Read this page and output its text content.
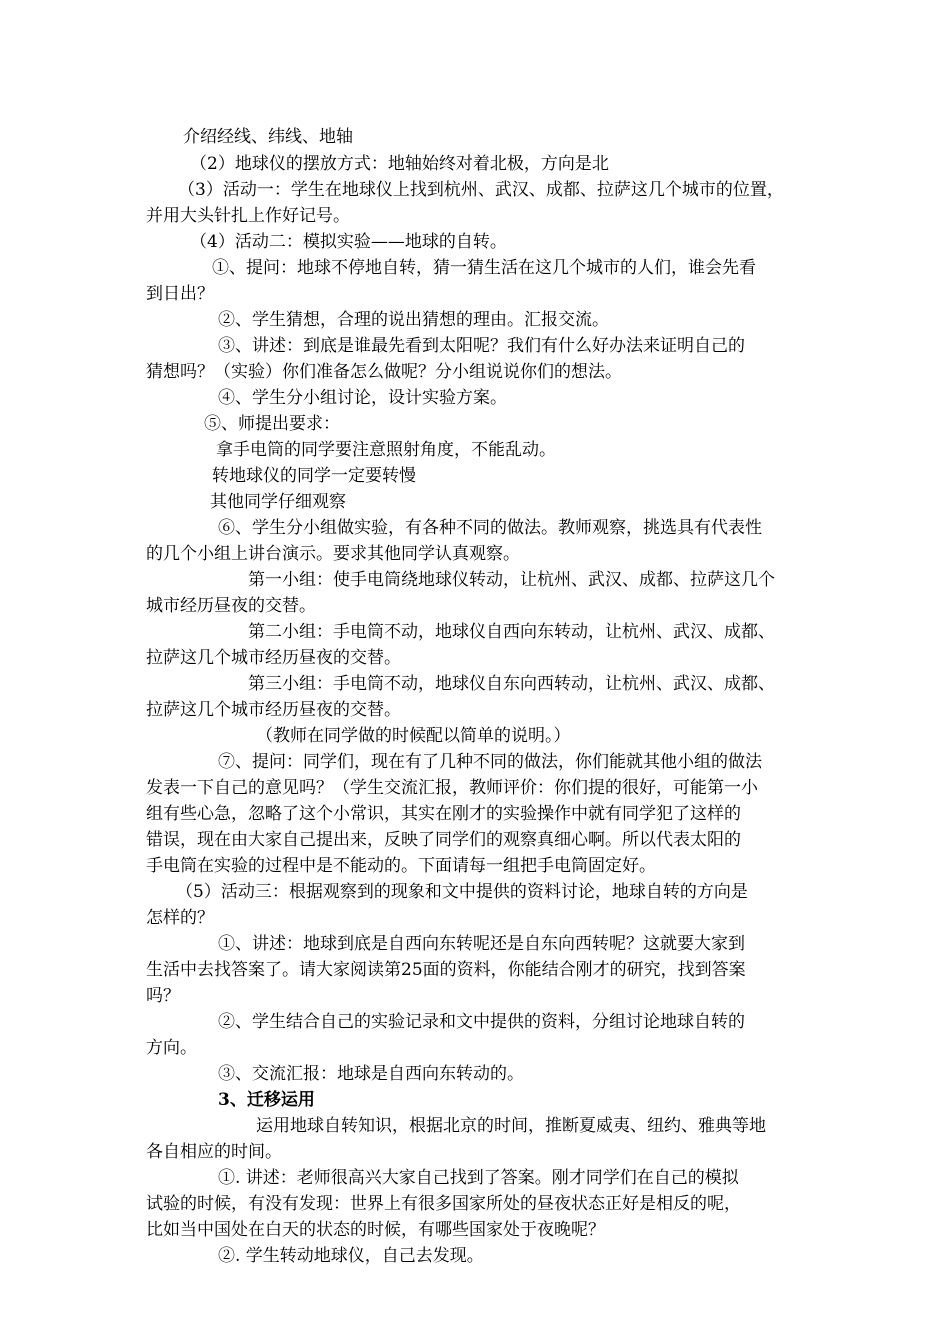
介绍经线、纬线、地轴
（2）地球仪的摆放方式：地轴始终对着北极，方向是北
（3）活动一：学生在地球仪上找到杭州、武汉、成都、拉萨这几个城市的位置，
并用大头针扎上作好记号。
（4）活动二：模拟实验——地球的自转。
①、提问：地球不停地自转，猜一猜生活在这几个城市的人们，谁会先看
到日出？
②、学生猜想，合理的说出猜想的理由。汇报交流。
③、讲述：到底是谁最先看到太阳呢？我们有什么好办法来证明自己的
猜想吗？（实验）你们准备怎么做呢？分小组说说你们的想法。
④、学生分小组讨论，设计实验方案。
⑤、师提出要求：
拿手电筒的同学要注意照射角度，不能乱动。
转地球仪的同学一定要转慢
其他同学仔细观察
⑥、学生分小组做实验，有各种不同的做法。教师观察，挑选具有代表性
的几个小组上讲台演示。要求其他同学认真观察。
第一小组：使手电筒绕地球仪转动，让杭州、武汉、成都、拉萨这几个
城市经历昼夜的交替。
第二小组：手电筒不动，地球仪自西向东转动，让杭州、武汉、成都、
拉萨这几个城市经历昼夜的交替。
第三小组：手电筒不动，地球仪自东向西转动，让杭州、武汉、成都、
拉萨这几个城市经历昼夜的交替。
（教师在同学做的时候配以简单的说明。）
⑦、提问：同学们，现在有了几种不同的做法，你们能就其他小组的做法
发表一下自己的意见吗？（学生交流汇报，教师评价：你们提的很好，可能第一小
组有些心急，忽略了这个小常识，其实在刚才的实验操作中就有同学犯了这样的
错误，现在由大家自己提出来，反映了同学们的观察真细心啊。所以代表太阳的
手电筒在实验的过程中是不能动的。下面请每一组把手电筒固定好。
（5）活动三：根据观察到的现象和文中提供的资料讨论，地球自转的方向是
怎样的？
①、讲述：地球到底是自西向东转呢还是自东向西转呢？这就要大家到
生活中去找答案了。请大家阅读第25面的资料，你能结合刚才的研究，找到答案
吗？
②、学生结合自己的实验记录和文中提供的资料，分组讨论地球自转的
方向。
③、交流汇报：地球是自西向东转动的。
3、迁移运用
运用地球自转知识，根据北京的时间，推断夏威夷、纽约、雅典等地
各自相应的时间。
①. 讲述：老师很高兴大家自己找到了答案。刚才同学们在自己的模拟
试验的时候，有没有发现：世界上有很多国家所处的昼夜状态正好是相反的呢，
比如当中国处在白天的状态的时候，有哪些国家处于夜晚呢？
②. 学生转动地球仪，自己去发现。
